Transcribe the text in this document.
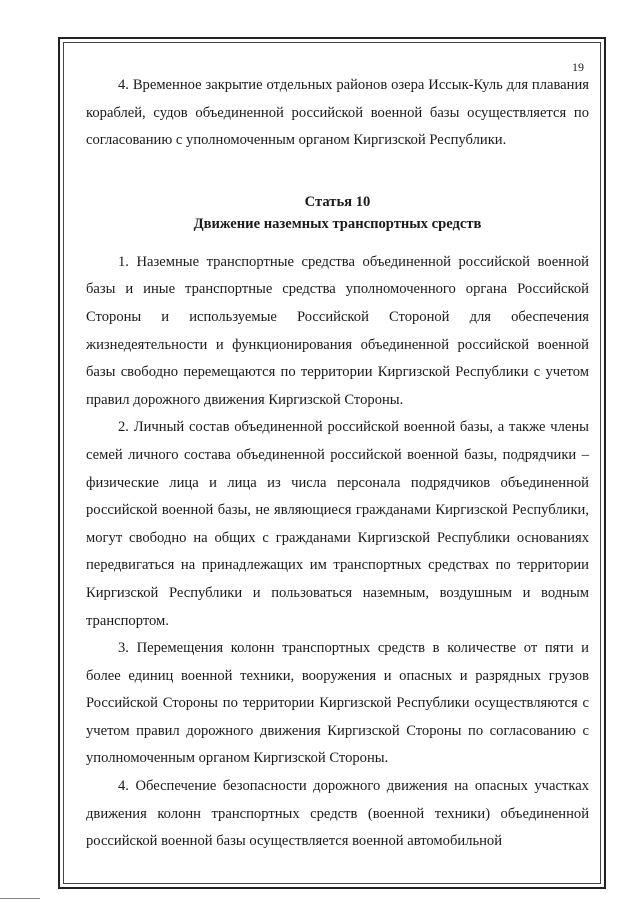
19

4. Временное закрытие отдельных районов озера Иссык-Куль для плавания кораблей, судов объединенной российской военной базы осуществляется по согласованию с уполномоченным органом Киргизской Республики.

Статья 10
Движение наземных транспортных средств

1. Наземные транспортные средства объединенной российской военной базы и иные транспортные средства уполномоченного органа Российской Стороны и используемые Российской Стороной для обеспечения жизнедеятельности и функционирования объединенной российской военной базы свободно перемещаются по территории Киргизской Республики с учетом правил дорожного движения Киргизской Стороны.

2. Личный состав объединенной российской военной базы, а также члены семей личного состава объединенной российской военной базы, подрядчики – физические лица и лица из числа персонала подрядчиков объединенной российской военной базы, не являющиеся гражданами Киргизской Республики, могут свободно на общих с гражданами Киргизской Республики основаниях передвигаться на принадлежащих им транспортных средствах по территории Киргизской Республики и пользоваться наземным, воздушным и водным транспортом.

3. Перемещения колонн транспортных средств в количестве от пяти и более единиц военной техники, вооружения и опасных и разрядных грузов Российской Стороны по территории Киргизской Республики осуществляются с учетом правил дорожного движения Киргизской Стороны по согласованию с уполномоченным органом Киргизской Стороны.

4. Обеспечение безопасности дорожного движения на опасных участках движения колонн транспортных средств (военной техники) объединенной российской военной базы осуществляется военной автомобильной
